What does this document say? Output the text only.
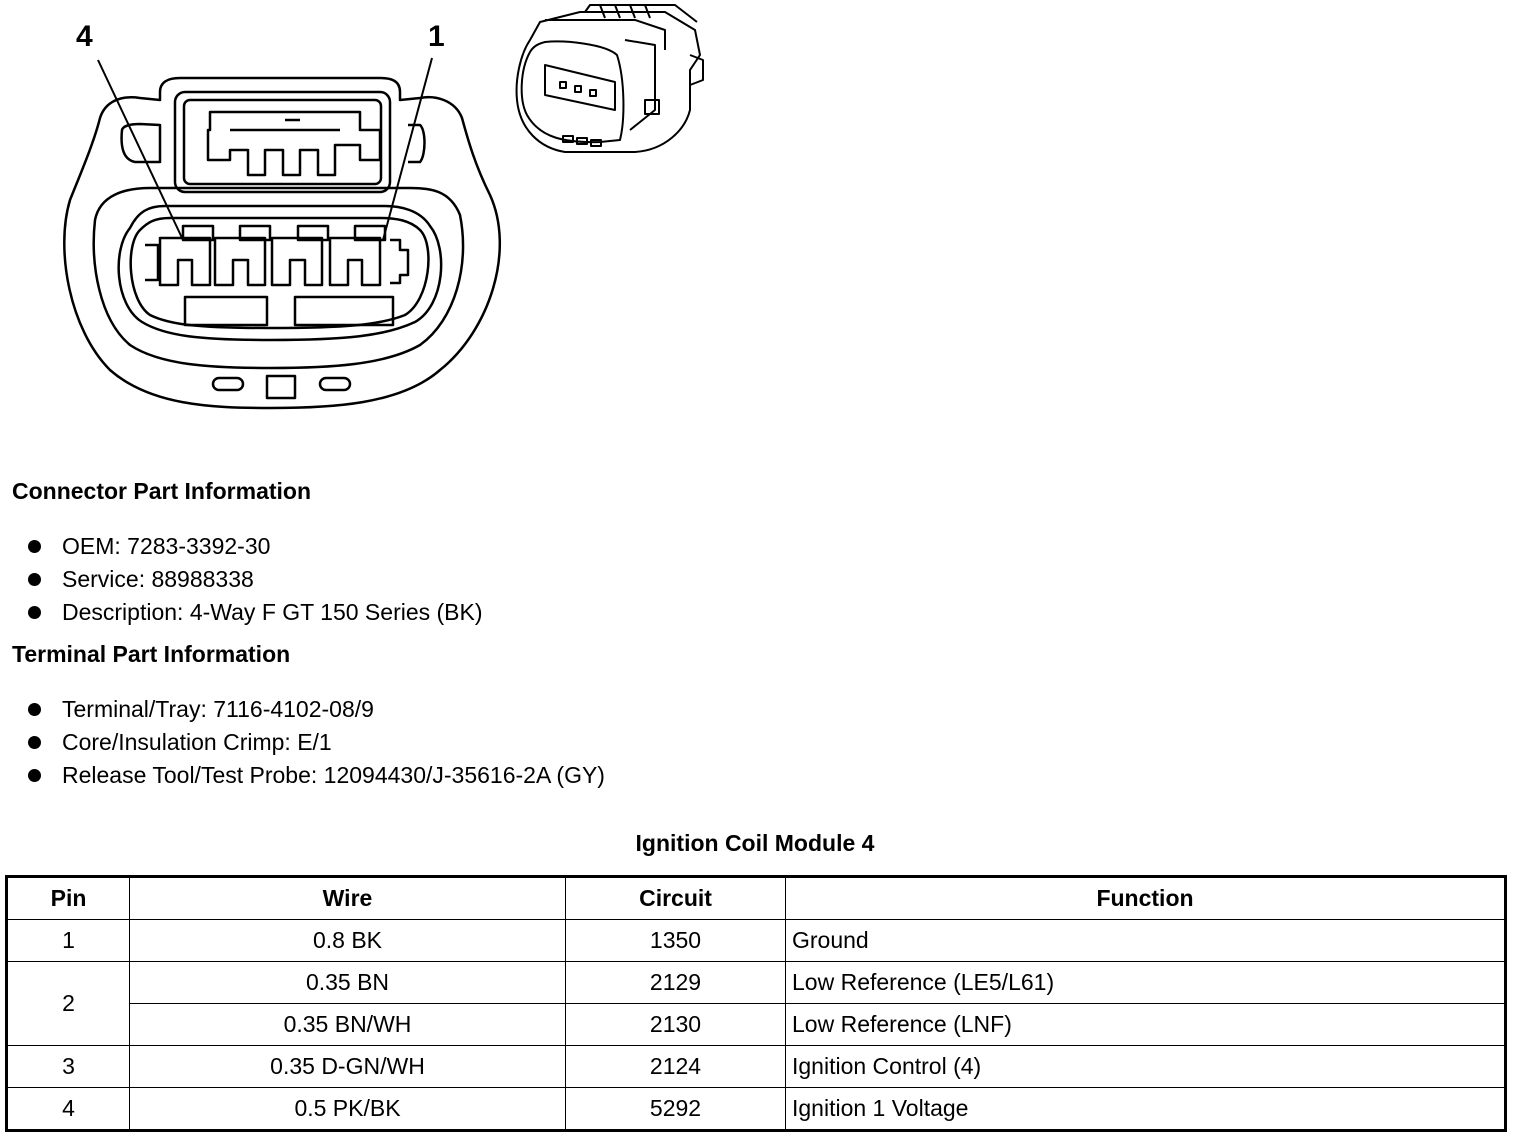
4	1
Connector Part Information
OEM: 7283-3392-30
Service: 88988338
Description: 4-Way F GT 150 Series (BK)
Terminal Part Information
Terminal/Tray: 7116-4102-08/9
Core/Insulation Crimp: E/1
Release Tool/Test Probe: 12094430/J-35616-2A (GY)
Ignition Coil Module 4
Pin	Wire	Circuit	Function
1	0.8 BK	1350	Ground
2	0.35 BN	2129	Low Reference (LE5/L61)
	0.35 BN/WH	2130	Low Reference (LNF)
3	0.35 D-GN/WH	2124	Ignition Control (4)
4	0.5 PK/BK	5292	Ignition 1 Voltage
